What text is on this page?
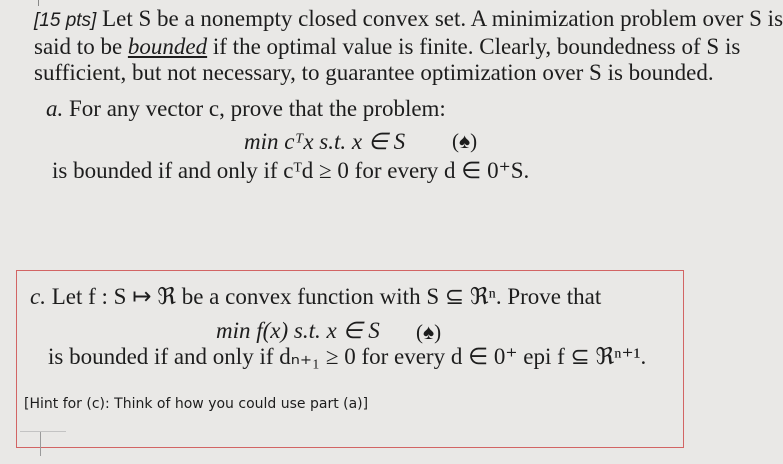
[15 pts] Let S be a nonempty closed convex set. A minimization problem over S is
said to be bounded if the optimal value is finite. Clearly, boundedness of S is
sufficient, but not necessary, to guarantee optimization over S is bounded.
a. For any vector c, prove that the problem:
min cᵀx s.t. x ∈ S (♠)
is bounded if and only if cᵀd ≥ 0 for every d ∈ 0⁺S.
c. Let f : S ↦ ℜ be a convex function with S ⊆ ℜⁿ. Prove that
min f(x) s.t. x ∈ S (♠)
is bounded if and only if dₙ₊₁ ≥ 0 for every d ∈ 0⁺ epi f ⊆ ℜⁿ⁺¹.
[Hint for (c): Think of how you could use part (a)]
